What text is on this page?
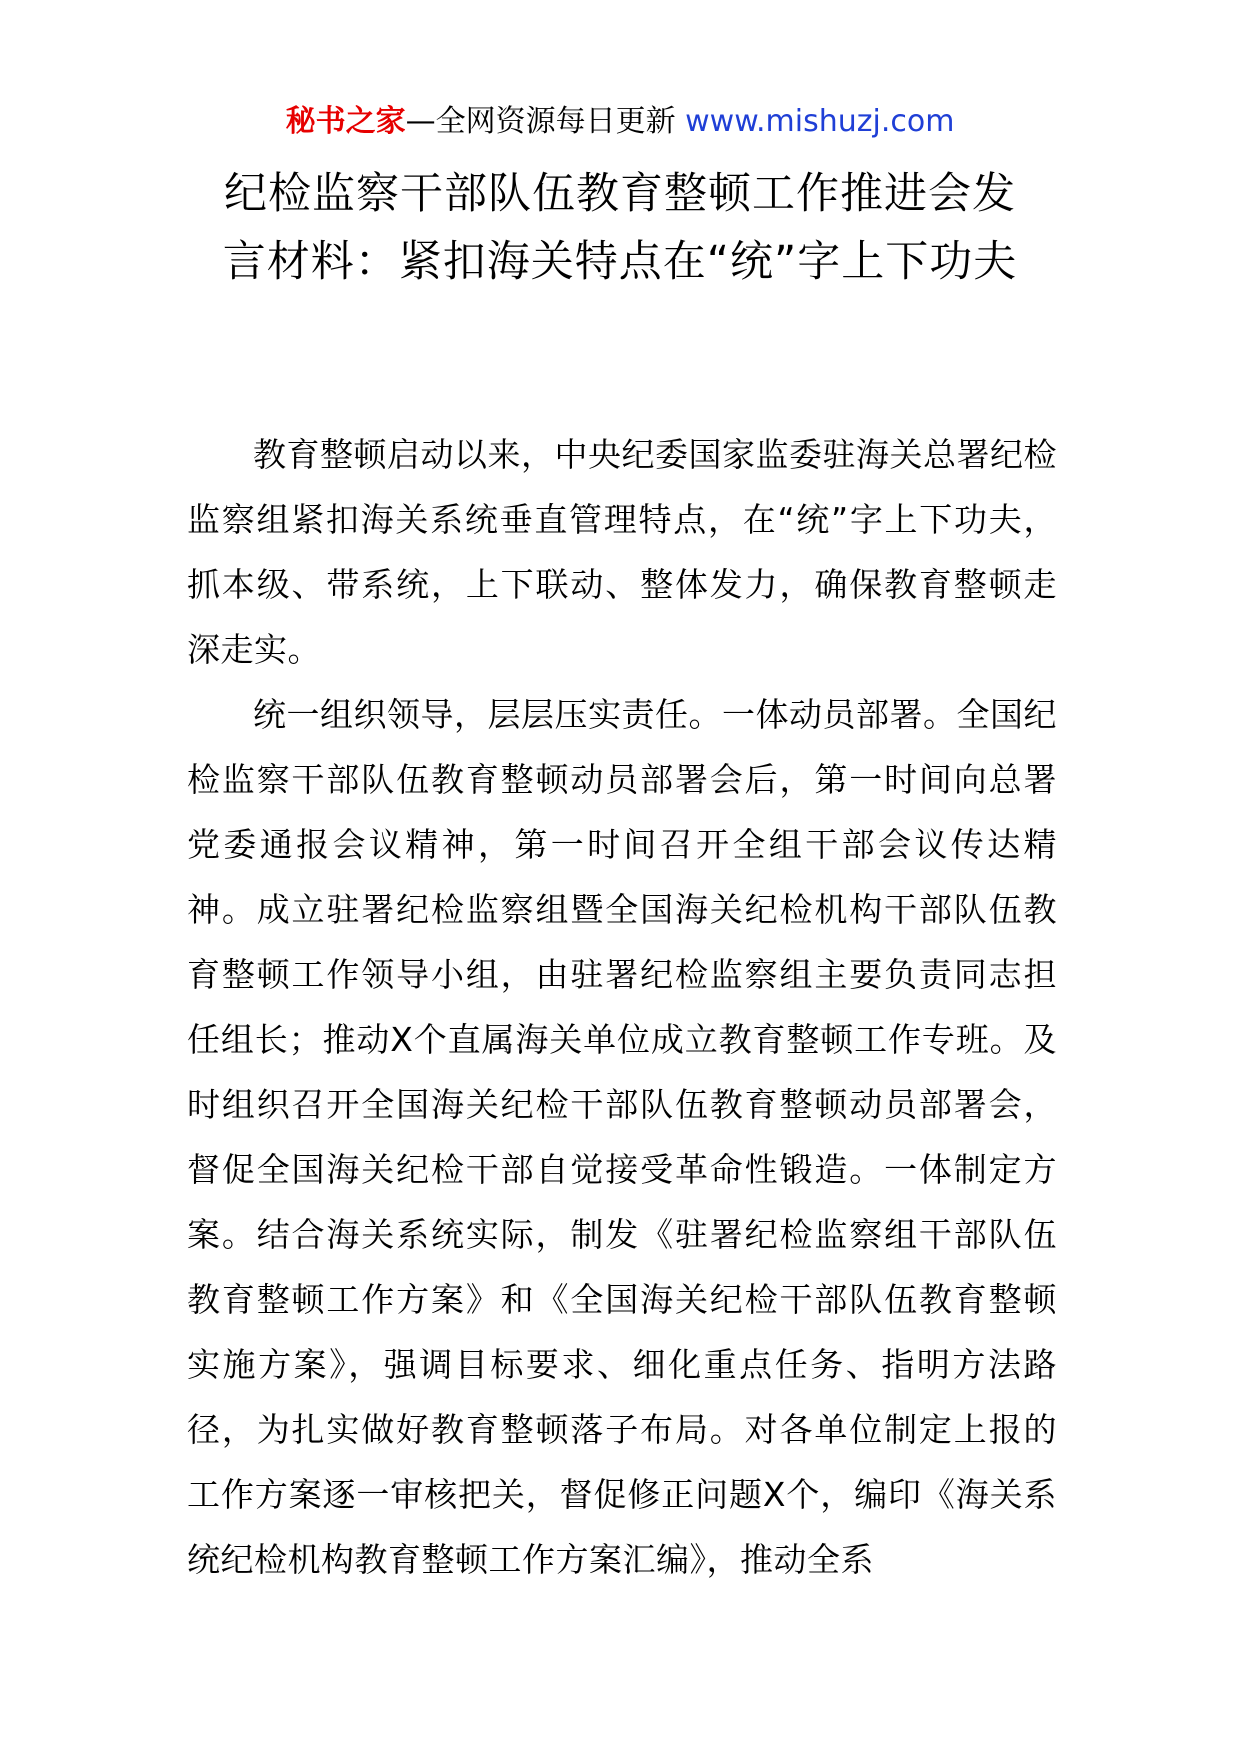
秘书之家—全网资源每日更新 www.mishuzj.com
纪检监察干部队伍教育整顿工作推进会发言材料：紧扣海关特点在“统”字上下功夫

教育整顿启动以来，中央纪委国家监委驻海关总署纪检监察组紧扣海关系统垂直管理特点，在“统”字上下功夫，抓本级、带系统，上下联动、整体发力，确保教育整顿走深走实。

统一组织领导，层层压实责任。一体动员部署。全国纪检监察干部队伍教育整顿动员部署会后，第一时间向总署党委通报会议精神，第一时间召开全组干部会议传达精神。成立驻署纪检监察组暨全国海关纪检机构干部队伍教育整顿工作领导小组，由驻署纪检监察组主要负责同志担任组长；推动X个直属海关单位成立教育整顿工作专班。及时组织召开全国海关纪检干部队伍教育整顿动员部署会，督促全国海关纪检干部自觉接受革命性锻造。一体制定方案。结合海关系统实际，制发《驻署纪检监察组干部队伍教育整顿工作方案》和《全国海关纪检干部队伍教育整顿实施方案》，强调目标要求、细化重点任务、指明方法路径，为扎实做好教育整顿落子布局。对各单位制定上报的工作方案逐一审核把关，督促修正问题X个，编印《海关系统纪检机构教育整顿工作方案汇编》，推动全系
